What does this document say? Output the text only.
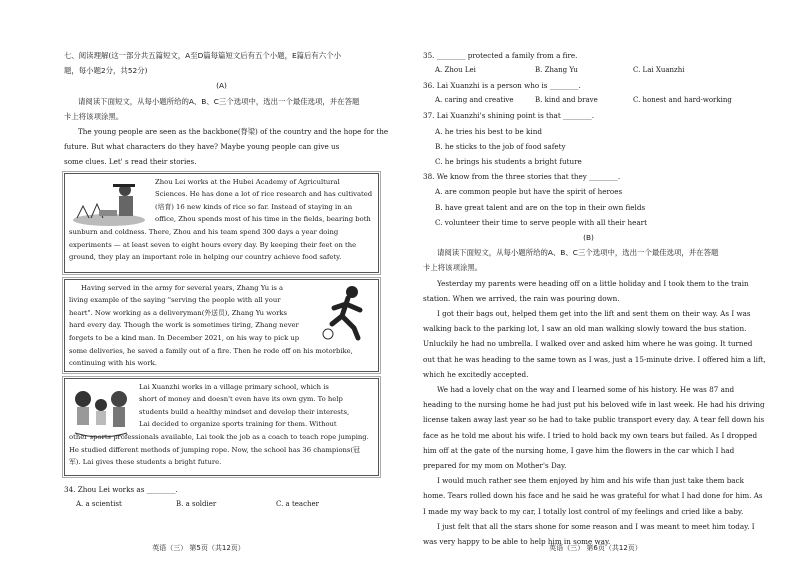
七、阅读理解(这一部分共五篇短文，A至D篇每篇短文后有五个小题，E篇后有六个小
题，每小题2分，共52分)
(A)
请阅读下面短文，从每小题所给的A、B、C三个选项中，选出一个最佳选项，并在答题
卡上将该项涂黑。
The young people are seen as the backbone(脊梁) of the country and the hope for the
future. But what characters do they have? Maybe young people can give us
some clues. Let' s read their stories.
Zhou Lei works at the Hubei Academy of Agricultural
Sciences. He has done a lot of rice research and has cultivated
(培育) 16 new kinds of rice so far. Instead of staying in an
office, Zhou spends most of his time in the fields, bearing both
sunburn and coldness. There, Zhou and his team spend 300 days a year doing
experiments — at least seven to eight hours every day. By keeping their feet on the
ground, they play an important role in helping our country achieve food safety.
Having served in the army for several years, Zhang Yu is a
living example of the saying "serving the people with all your
heart". Now working as a deliveryman(外送员), Zhang Yu works
hard every day. Though the work is sometimes tiring, Zhang never
forgets to be a kind man. In December 2021, on his way to pick up
some deliveries, he saved a family out of a fire. Then he rode off on his motorbike,
continuing with his work.
Lai Xuanzhi works in a village primary school, which is
short of money and doesn't even have its own gym. To help
students build a healthy mindset and develop their interests,
Lai decided to organize sports training for them. Without
other sports professionals available, Lai took the job as a coach to teach rope jumping.
He studied different methods of jumping rope. Now, the school has 36 champions(冠
军). Lai gives these students a bright future.
34. Zhou Lei works as ________.
A. a scientist	B. a soldier	C. a teacher
英语（三） 第5页（共12页）
35. ________ protected a family from a fire.
A. Zhou Lei	B. Zhang Yu	C. Lai Xuanzhi
36. Lai Xuanzhi is a person who is ________.
A. caring and creative	B. kind and brave	C. honest and hard-working
37. Lai Xuanzhi's shining point is that ________.
A. he tries his best to be kind
B. he sticks to the job of food safety
C. he brings his students a bright future
38. We know from the three stories that they ________.
A. are common people but have the spirit of heroes
B. have great talent and are on the top in their own fields
C. volunteer their time to serve people with all their heart
(B)
请阅读下面短文，从每小题所给的A、B、C三个选项中，选出一个最佳选项，并在答题
卡上将该项涂黑。
Yesterday my parents were heading off on a little holiday and I took them to the train
station. When we arrived, the rain was pouring down.
I got their bags out, helped them get into the lift and sent them on their way. As I was
walking back to the parking lot, I saw an old man walking slowly toward the bus station.
Unluckily he had no umbrella. I walked over and asked him where he was going. It turned
out that he was heading to the same town as I was, just a 15-minute drive. I offered him a lift,
which he excitedly accepted.
We had a lovely chat on the way and I learned some of his history. He was 87 and
heading to the nursing home he had just put his beloved wife in last week. He had his driving
license taken away last year so he had to take public transport every day. A tear fell down his
face as he told me about his wife. I tried to hold back my own tears but failed. As I dropped
him off at the gate of the nursing home, I gave him the flowers in the car which I had
prepared for my mom on Mother's Day.
I would much rather see them enjoyed by him and his wife than just take them back
home. Tears rolled down his face and he said he was grateful for what I had done for him. As
I made my way back to my car, I totally lost control of my feelings and cried like a baby.
I just felt that all the stars shone for some reason and I was meant to meet him today. I
was very happy to be able to help him in some way.
英语（三） 第6页（共12页）
